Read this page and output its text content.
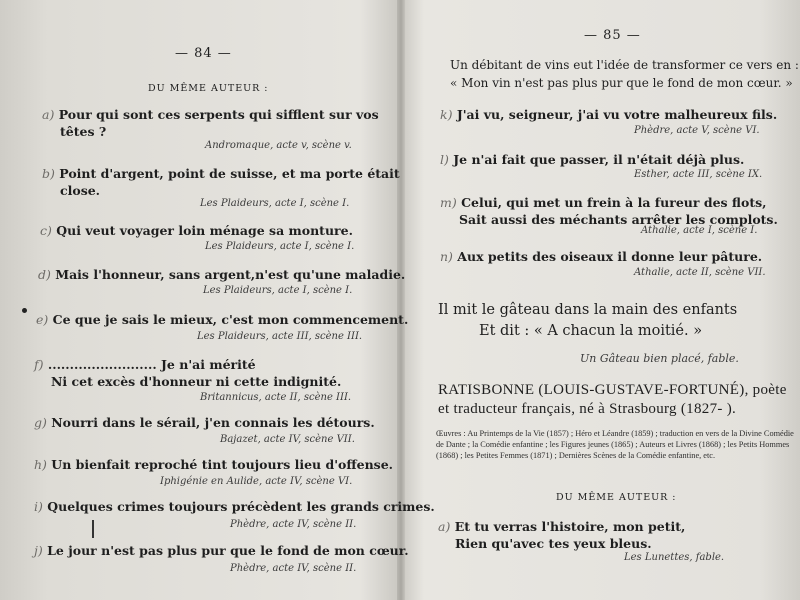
— 84 —
DU MÊME AUTEUR :
a) Pour qui sont ces serpents qui sifflent sur vos
têtes ?
Andromaque, acte v, scène v.
b) Point d'argent, point de suisse, et ma porte était
close.
Les Plaideurs, acte I, scène I.
c) Qui veut voyager loin ménage sa monture.
Les Plaideurs, acte I, scène I.
d) Mais l'honneur, sans argent,n'est qu'une maladie.
Les Plaideurs, acte I, scène I.
e) Ce que je sais le mieux, c'est mon commencement.
Les Plaideurs, acte III, scène III.
f) ......................... Je n'ai mérité
Ni cet excès d'honneur ni cette indignité.
Britannicus, acte II, scène III.
g) Nourri dans le sérail, j'en connais les détours.
Bajazet, acte IV, scène VII.
h) Un bienfait reproché tint toujours lieu d'offense.
Iphigénie en Aulide, acte IV, scène VI.
i) Quelques crimes toujours précèdent les grands crimes.
Phèdre, acte IV, scène II.
j) Le jour n'est pas plus pur que le fond de mon cœur.
Phèdre, acte IV, scène II.
— 85 —
Un débitant de vins eut l'idée de transformer ce vers en :
« Mon vin n'est pas plus pur que le fond de mon cœur. »
k) J'ai vu, seigneur, j'ai vu votre malheureux fils.
Phèdre, acte V, scène VI.
l) Je n'ai fait que passer, il n'était déjà plus.
Esther, acte III, scène IX.
m) Celui, qui met un frein à la fureur des flots,
Sait aussi des méchants arrêter les complots.
Athalie, acte I, scène I.
n) Aux petits des oiseaux il donne leur pâture.
Athalie, acte II, scène VII.
Il mit le gâteau dans la main des enfants
Et dit : « A chacun la moitié. »
Un Gâteau bien placé, fable.
RATISBONNE (LOUIS-GUSTAVE-FORTUNÉ), poète
et traducteur français, né à Strasbourg (1827- ).
Œuvres : Au Printemps de la Vie (1857) ; Héro et Léandre (1859) ; traduction en vers de la Divine Comédie de Dante ; la Comédie enfantine ; les Figures jeunes (1865) ; Auteurs et Livres (1868) ; les Petits Hommes (1868) ; les Petites Femmes (1871) ; Dernières Scènes de la Comédie enfantine, etc.
DU MÊME AUTEUR :
a) Et tu verras l'histoire, mon petit,
Rien qu'avec tes yeux bleus.
Les Lunettes, fable.
